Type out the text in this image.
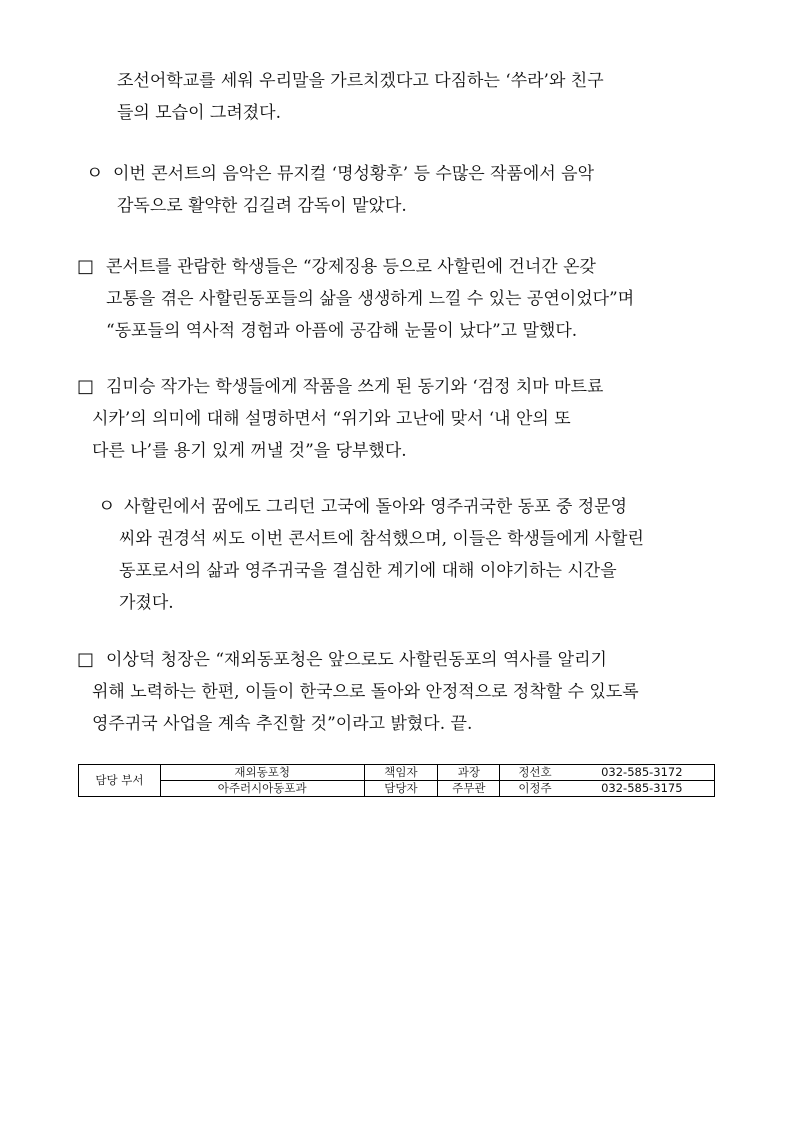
조선어학교를 세워 우리말을 가르치겠다고 다짐하는 ‘쑤라’와 친구
들의 모습이 그려졌다.
ㅇ 이번 콘서트의 음악은 뮤지컬 ‘명성황후’ 등 수많은 작품에서 음악
감독으로 활약한 김길려 감독이 맡았다.
□ 콘서트를 관람한 학생들은 “강제징용 등으로 사할린에 건너간 온갖
고통을 겪은 사할린동포들의 삶을 생생하게 느낄 수 있는 공연이었다”며
“동포들의 역사적 경험과 아픔에 공감해 눈물이 났다”고 말했다.
□ 김미승 작가는 학생들에게 작품을 쓰게 된 동기와 ‘검정 치마 마트료
시카’의 의미에 대해 설명하면서 “위기와 고난에 맞서 ‘내 안의 또
다른 나’를 용기 있게 꺼낼 것”을 당부했다.
ㅇ 사할린에서 꿈에도 그리던 고국에 돌아와 영주귀국한 동포 중 정문영
씨와 권경석 씨도 이번 콘서트에 참석했으며, 이들은 학생들에게 사할린
동포로서의 삶과 영주귀국을 결심한 계기에 대해 이야기하는 시간을
가졌다.
□ 이상덕 청장은 “재외동포청은 앞으로도 사할린동포의 역사를 알리기
위해 노력하는 한편, 이들이 한국으로 돌아와 안정적으로 정착할 수 있도록
영주귀국 사업을 계속 추진할 것”이라고 밝혔다. 끝.
담당 부서	재외동포청	책임자	과장	정선호	032-585-3172
	아주러시아동포과	담당자	주무관	이정주	032-585-3175
